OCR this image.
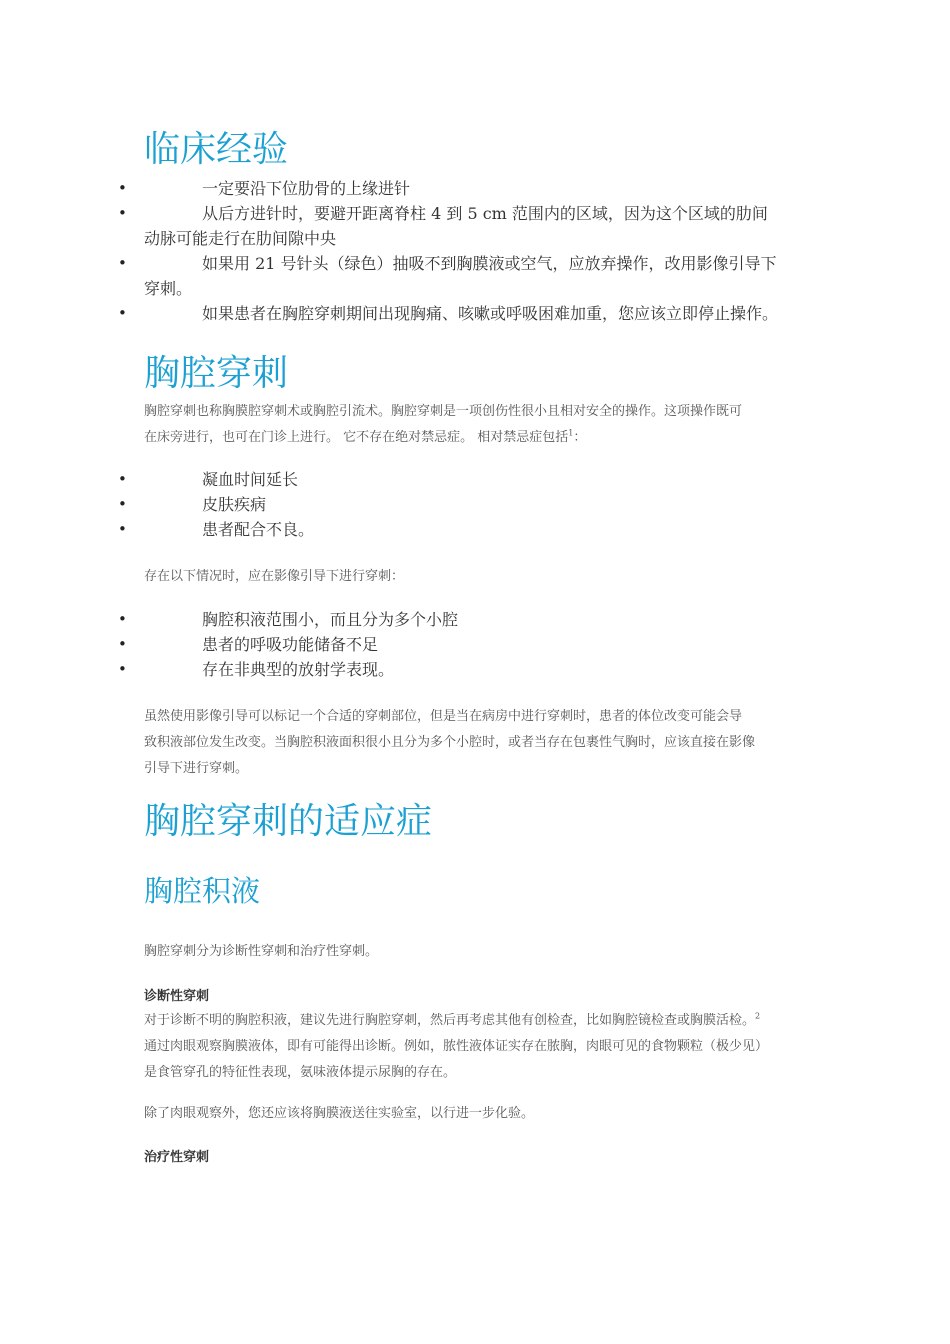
临床经验
•	一定要沿下位肋骨的上缘进针
•	从后方进针时，要避开距离脊柱 4 到 5 cm 范围内的区域，因为这个区域的肋间
动脉可能走行在肋间隙中央
•	如果用 21 号针头（绿色）抽吸不到胸膜液或空气，应放弃操作，改用影像引导下
穿刺。
•	如果患者在胸腔穿刺期间出现胸痛、咳嗽或呼吸困难加重，您应该立即停止操作。
胸腔穿刺
胸腔穿刺也称胸膜腔穿刺术或胸腔引流术。胸腔穿刺是一项创伤性很小且相对安全的操作。这项操作既可
在床旁进行，也可在门诊上进行。 它不存在绝对禁忌症。 相对禁忌症包括$^1$：
•	凝血时间延长
•	皮肤疾病
•	患者配合不良。
存在以下情况时，应在影像引导下进行穿刺：
•	胸腔积液范围小，而且分为多个小腔
•	患者的呼吸功能储备不足
•	存在非典型的放射学表现。
虽然使用影像引导可以标记一个合适的穿刺部位，但是当在病房中进行穿刺时，患者的体位改变可能会导
致积液部位发生改变。当胸腔积液面积很小且分为多个小腔时，或者当存在包裹性气胸时，应该直接在影像
引导下进行穿刺。
胸腔穿刺的适应症
胸腔积液
胸腔穿刺分为诊断性穿刺和治疗性穿刺。
诊断性穿刺
对于诊断不明的胸腔积液，建议先进行胸腔穿刺，然后再考虑其他有创检查，比如胸腔镜检查或胸膜活检。$^2$
通过肉眼观察胸膜液体，即有可能得出诊断。例如，脓性液体证实存在脓胸，肉眼可见的食物颗粒（极少见）
是食管穿孔的特征性表现，氨味液体提示尿胸的存在。
除了肉眼观察外，您还应该将胸膜液送往实验室，以行进一步化验。
治疗性穿刺
